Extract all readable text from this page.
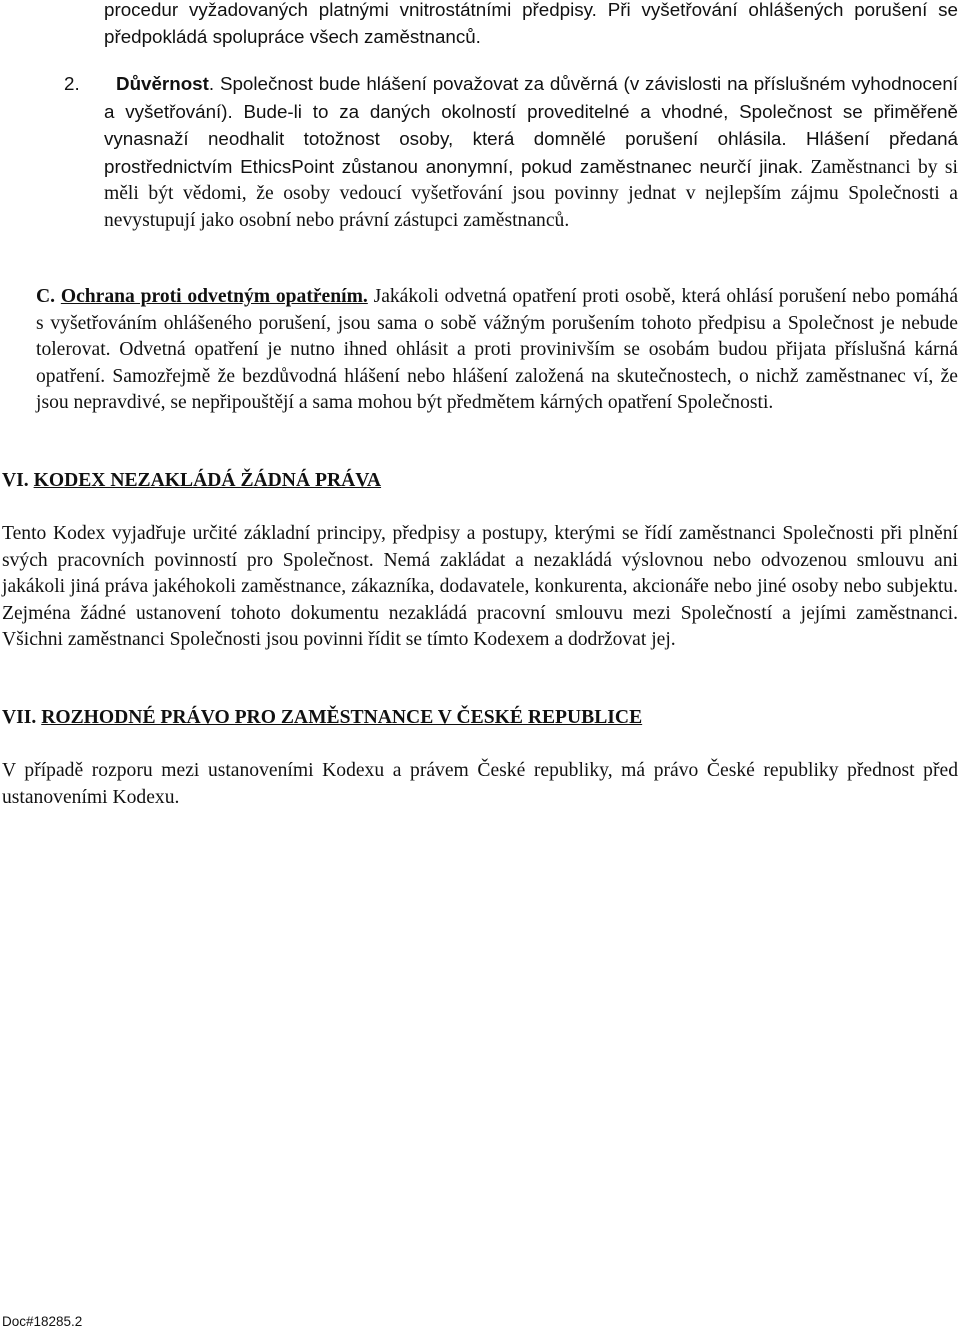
procedur vyžadovaných platnými vnitrostátními předpisy. Při vyšetřování ohlášených porušení se předpokládá spolupráce všech zaměstnanců.
2. Důvěrnost. Společnost bude hlášení považovat za důvěrná (v závislosti na příslušném vyhodnocení a vyšetřování). Bude-li to za daných okolností proveditelné a vhodné, Společnost se přiměřeně vynasnaží neodhalit totožnost osoby, která domnělé porušení ohlásila. Hlášení předaná prostřednictvím EthicsPoint zůstanou anonymní, pokud zaměstnanec neurčí jinak. Zaměstnanci by si měli být vědomi, že osoby vedoucí vyšetřování jsou povinny jednat v nejlepším zájmu Společnosti a nevystupují jako osobní nebo právní zástupci zaměstnanců.
C. Ochrana proti odvetným opatřením. Jakákoli odvetná opatření proti osobě, která ohlásí porušení nebo pomáhá s vyšetřováním ohlášeného porušení, jsou sama o sobě vážným porušením tohoto předpisu a Společnost je nebude tolerovat. Odvetná opatření je nutno ihned ohlásit a proti provinivším se osobám budou přijata příslušná kárná opatření. Samozřejmě že bezdůvodná hlášení nebo hlášení založená na skutečnostech, o nichž zaměstnanec ví, že jsou nepravdivé, se nepřipouštějí a sama mohou být předmětem kárných opatření Společnosti.
VI. KODEX NEZAKLÁDÁ ŽÁDNÁ PRÁVA
Tento Kodex vyjadřuje určité základní principy, předpisy a postupy, kterými se řídí zaměstnanci Společnosti při plnění svých pracovních povinností pro Společnost. Nemá zakládat a nezakládá výslovnou nebo odvozenou smlouvu ani jakákoli jiná práva jakéhokoli zaměstnance, zákazníka, dodavatele, konkurenta, akcionáře nebo jiné osoby nebo subjektu. Zejména žádné ustanovení tohoto dokumentu nezakládá pracovní smlouvu mezi Společností a jejími zaměstnanci. Všichni zaměstnanci Společnosti jsou povinni řídit se tímto Kodexem a dodržovat jej.
VII. ROZHODNÉ PRÁVO PRO ZAMĚSTNANCE V ČESKÉ REPUBLICE
V případě rozporu mezi ustanoveními Kodexu a právem České republiky, má právo České republiky přednost před ustanoveními Kodexu.
Doc#18285.2
